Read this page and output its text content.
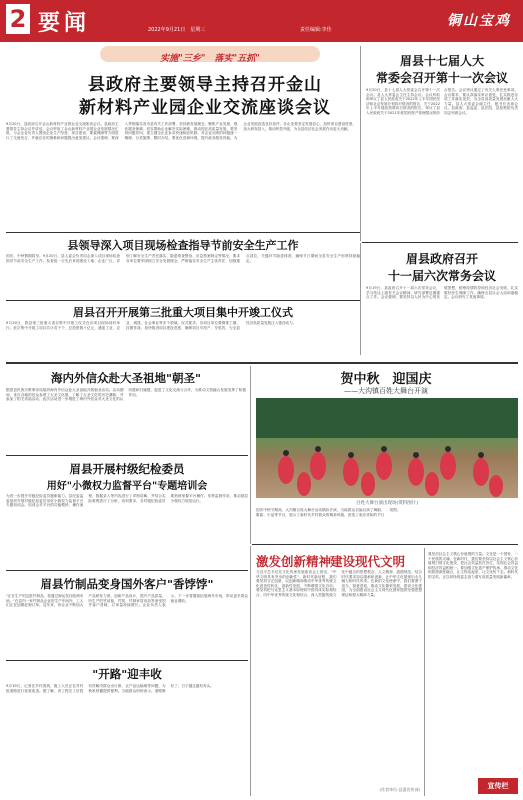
2 要闻	2022年9月21日　星期三	责任编辑:李佳
铜山宝鸡
实施"三乡"　落实"五抓"
县政府主要领导主持召开金山
新材料产业园企业交流座谈会议
9月20日，县政府召开金山新材料产业园企业交流座谈会议。县政府主要领导主持会议并讲话。会议听取了金山新材料产业园企业发展情况汇报，与会企业负责人围绕企业生产经营、项目建设、要素保障等方面进行了交流发言，并就存在的困难和问题提出意见建议。会议强调，要深入贯彻落实省市县有关工作部署，坚持新发展理念，聚焦产业发展，强化服务保障，切实帮助企业解决实际困难，推动园区高质量发展。要坚持问题导向，建立健全企业诉求快速响应机制，对企业反映的问题逐一梳理、分类施策、限时办结。要优化营商环境，提升政务服务效能，为企业发展创造良好条件。各企业要坚定发展信心，加快项目建设进度，加大研发投入，推动转型升级，为全县经济社会发展作出更大贡献。
眉县十七届人大
常委会召开第十一次会议
9月20日，县十七届人大常委会召开第十一次会议。县人大常委会主任主持会议。会议听取和审议了县人民政府关于2022年上半年国民经济和社会发展计划执行情况的报告、关于2022年上半年财政预算执行情况的报告，审议了县人民政府关于2021年度国有资产管理情况的综合报告。会议审议通过了有关人事任免事项。会议要求，要认真落实审议意见，扎实推进各项工作落实见效，为全县高质量发展贡献人大力量。县人大常委会副主任、秘书长出席会议。县政府、县监委、县法院、县检察院负责同志列席会议。
县领导深入项目现场检查指导节前安全生产工作
国庆、中秋假期将至。9月20日，县人委会负责同志深入项目现场检查指导节前安全生产工作。检查组一行先后来到建设工地、企业厂区，详细了解安全生产责任落实、隐患排查整治、应急预案制定等情况，要求各单位要牢固树立安全发展理念，严格落实安全生产主体责任，加强重点部位、关键环节隐患排查，确保节日期间全县安全生产形势持续稳定。	眉县政府召开
十一届六次常务会议
9月19日，县政府召开十一届六次常务会议，学习传达上级有关会议精神，研究部署近期重点工作。会议强调，要坚持以人民为中心的发展思想，统筹疫情防控和经济社会发展，扎实做好民生保障工作，确保全县社会大局和谐稳定。会议研究了其他事项。
眉县召开开展第三批重大项目集中开竣工仪式
9月20日，我县第三批重大项目集中开竣工仪式在各项目现场同时举行。此次集中开竣工项目共计若干个，总投资数十亿元，涵盖工业、农业、城建、社会事业等多个领域。仪式要求，各项目单位要倒排工期、挂图作战，加快推进项目建设进度，确保项目早投产、早见效，为全县经济高质量发展注入强劲动力。
海内外信众赴大圣祖地"朝圣"
据悉县民族宗教事务局组织海内外信众赴大圣祖地开展朝圣活动。活动期间，来自各地的信众参观了大圣文化展，了解了大圣文化的历史渊源，并参加了相关祈福活动。此次活动进一步增进了海内外信众对大圣文化的认同感和归属感，促进了文化交流与合作，为推动文旅融合发展发挥了积极作用。
贺中秋　迎国庆
——大沟镇百姓大舞台开演
百姓大舞台演出现场(资料图片)
国庆中秋节期间，大沟镇百姓大舞台活动精彩开演，当地群众自编自演了舞蹈、歌曲、小品等节目，展示了新时代乡村群众的精神风貌，营造了欢乐祥和的节日氛围。
眉县开展村级纪检委员
用好"小微权力监督平台"专题培训会
为进一步提升村级纪检委员履职能力，县纪委监委组织开展村级纪检委员用好小微权力监督平台专题培训会。培训会对平台的功能模块、操作流程、数据录入等内容进行了详细讲解，并结合实际案例进行了分析。培训要求，各村级纪检委员要熟练掌握平台操作，发挥监督作用，推动基层小微权力规范运行。
眉县竹制品变身国外客户"香饽饽"
"正在生产的这批竹制品，将通过海运发往欧洲市场。"在县内一家竹制品企业的生产车间内，工人们正在加紧赶制订单。近年来，该企业不断加大产品研发力度，创新产品设计，提升产品质量，所生产的竹砧板、竹筷、竹制家居用品等深受国外客户青睐，订单量持续增长。企业负责人表示，下一步将继续拓展海外市场，带动更多群众就业增收。
"开路"迎丰收
9月19日，记者在乡村看到，施工人员正在对村组道路进行拓宽改造。据了解，该工程完工后将有效解决群众出行难、农产品运输难等问题，为秋收秋播提供便利。当地群众纷纷表示，道路修好了，日子越过越有奔头。
激发创新精神
建设现代文明
习近平总书记在文化传承发展座谈会上指出，"中华文明具有突出的创新性"。新时代新征程，我们要坚持守正创新，以创新精神推动中华优秀传统文化创造性转化、创新性发展，不断增强文化自信。要坚持把马克思主义基本原理同中国具体实际相结合、同中华优秀传统文化相结合，深入挖掘传统文化中蕴含的思想观念、人文精神、道德规范，结合时代要求加以继承和创新，让中华文化展现出永久魅力和时代风采。在新的文化使命中，我们要勇于担当、锐意进取，推动文化繁荣发展，建设文化强国，为全面建设社会主义现代化国家提供坚强思想保证和强大精神力量。
(作者单位:县委宣传部)
我坚信社会主义核心价值观的力量。文化是一个国家、一个民族的灵魂。在新时代，我们要坚持以社会主义核心价值观引领文化建设，把社会效益放在首位，实现社会效益和经济效益相统一。要加强文化遗产保护传承，推动文化和旅游深度融合，让文物活起来、让文化传下去。新时代的宝鸡，正以昂扬的姿态奋力谱写高质量发展新篇章。
宣传栏
